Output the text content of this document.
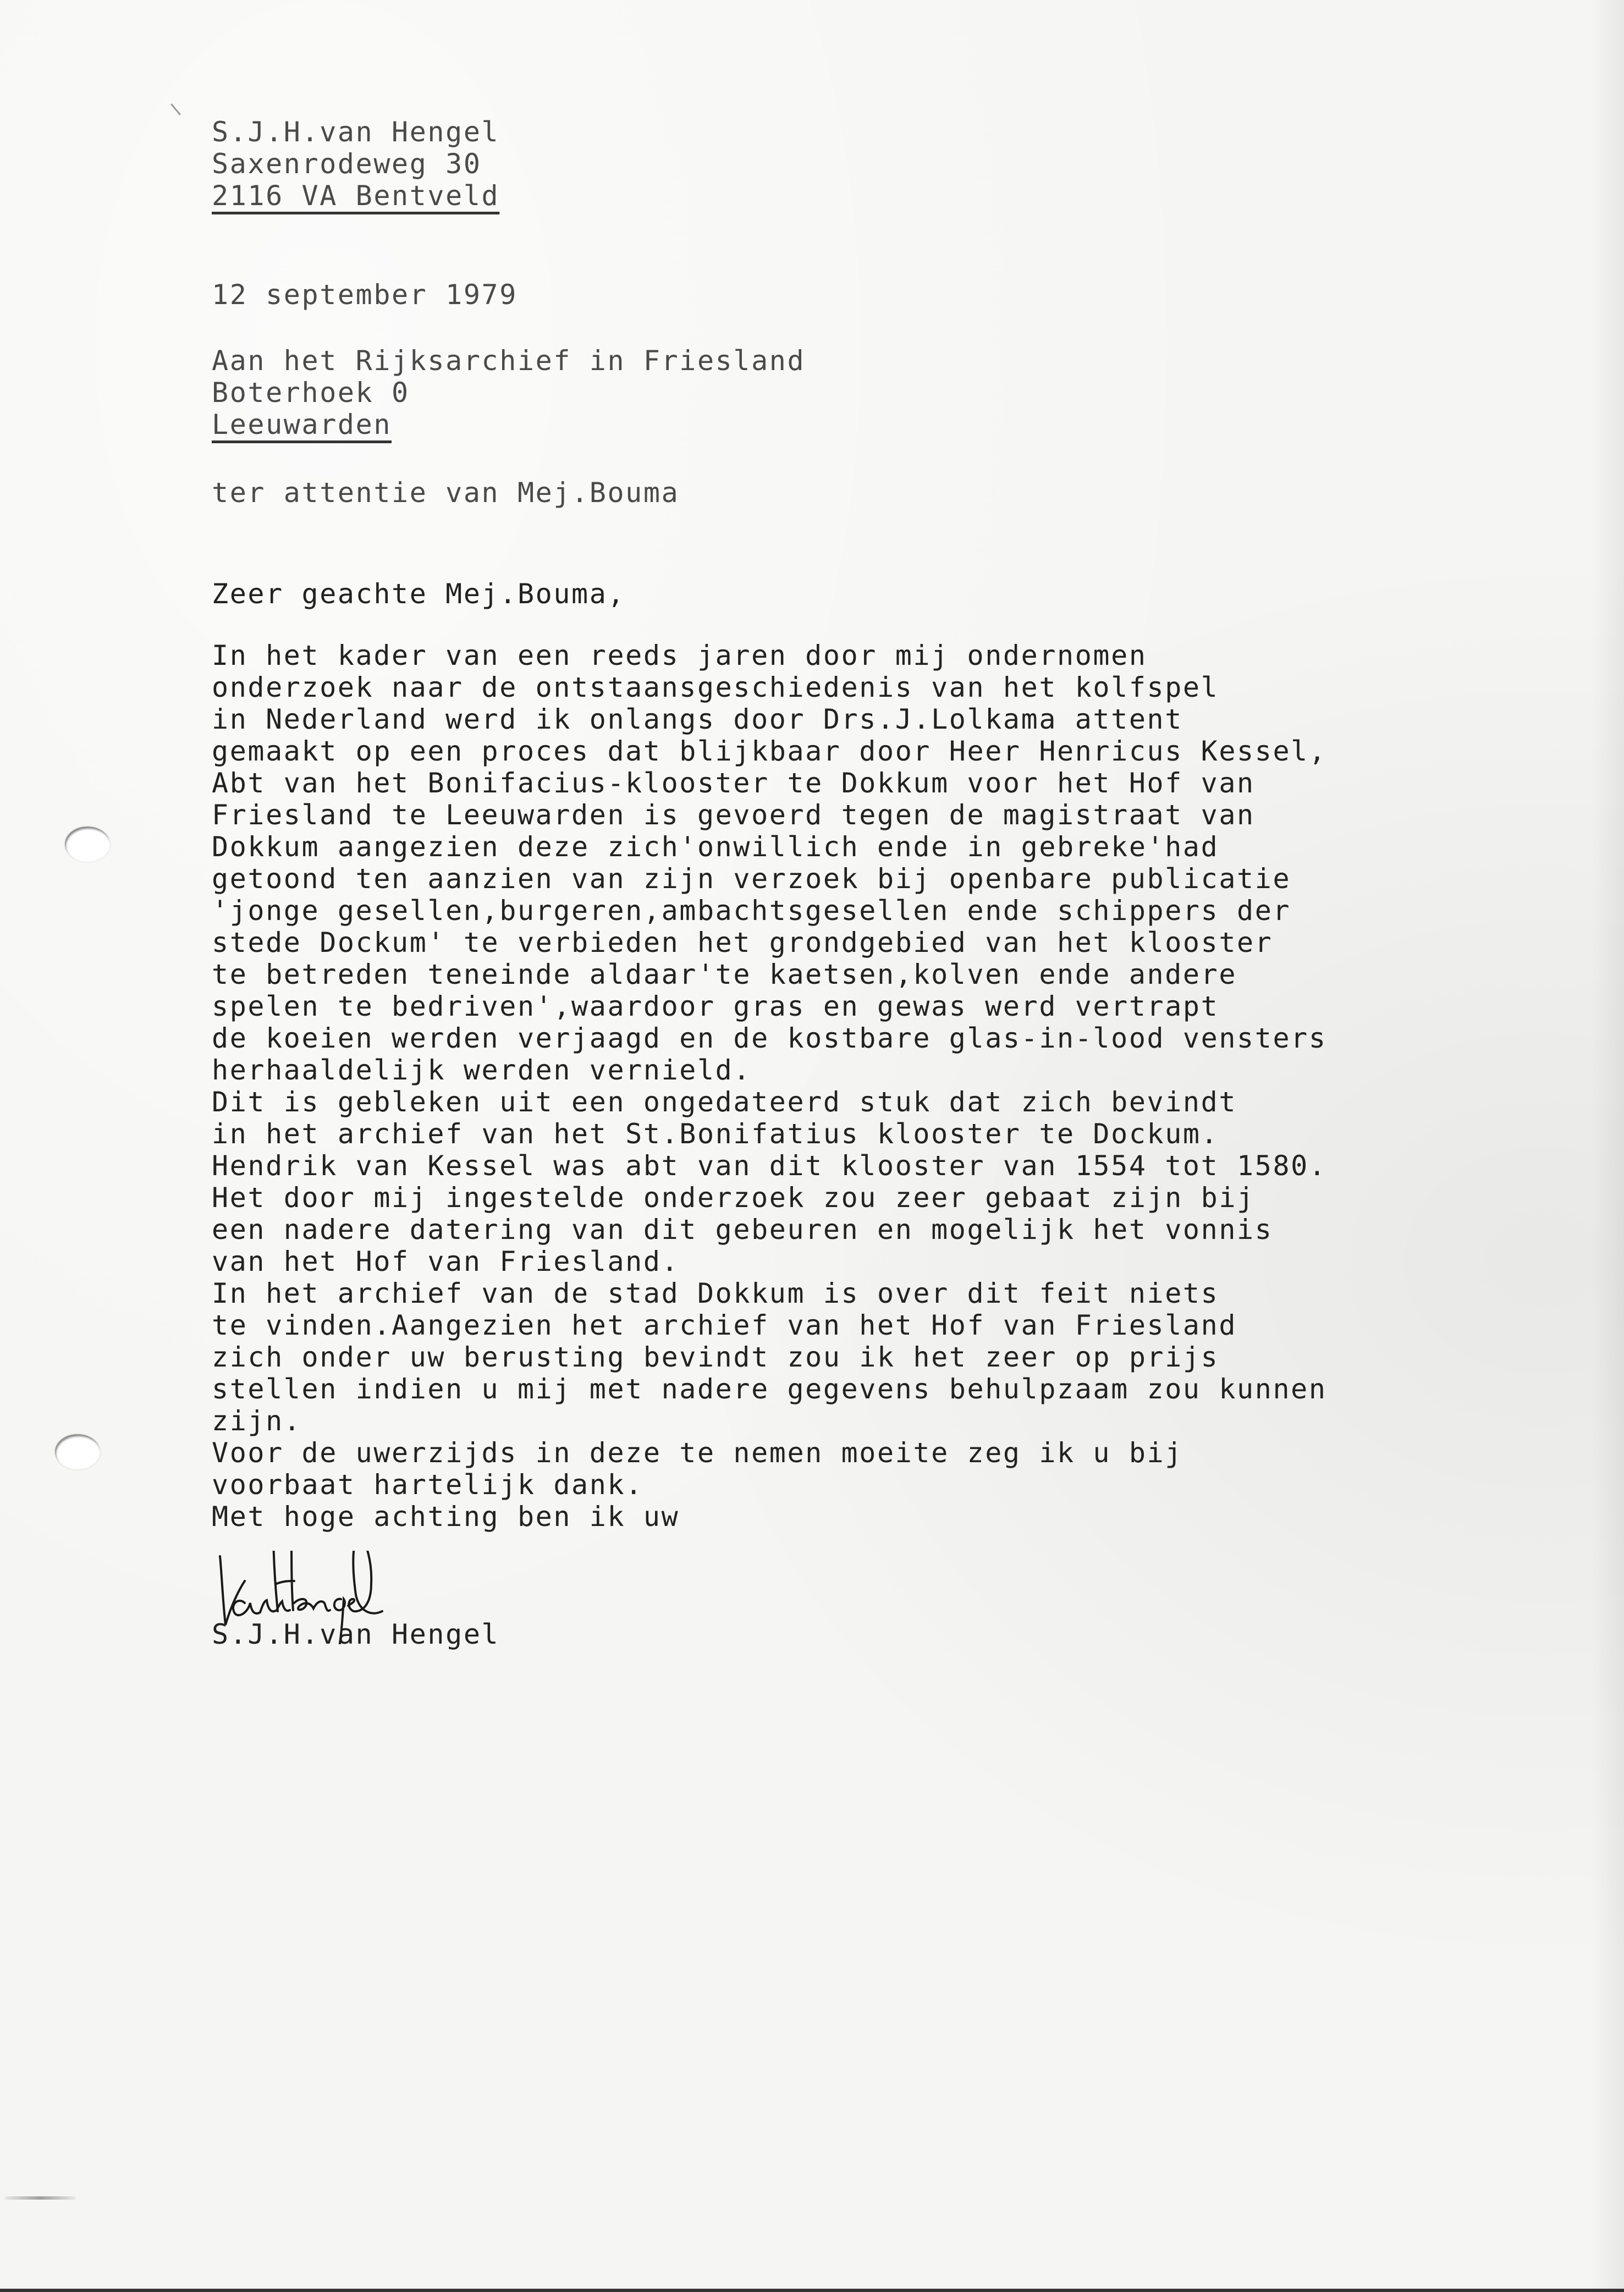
S.J.H.van Hengel
Saxenrodeweg 30
2116 VA Bentveld
12 september 1979
Aan het Rijksarchief in Friesland
Boterhoek 0
Leeuwarden
ter attentie van Mej.Bouma
Zeer geachte Mej.Bouma,
In het kader van een reeds jaren door mij ondernomen
onderzoek naar de ontstaansgeschiedenis van het kolfspel
in Nederland werd ik onlangs door Drs.J.Lolkama attent
gemaakt op een proces dat blijkbaar door Heer Henricus Kessel,
Abt van het Bonifacius-klooster te Dokkum voor het Hof van
Friesland te Leeuwarden is gevoerd tegen de magistraat van
Dokkum aangezien deze zich'onwillich ende in gebreke'had
getoond ten aanzien van zijn verzoek bij openbare publicatie
'jonge gesellen,burgeren,ambachtsgesellen ende schippers der
stede Dockum' te verbieden het grondgebied van het klooster
te betreden teneinde aldaar'te kaetsen,kolven ende andere
spelen te bedriven',waardoor gras en gewas werd vertrapt
de koeien werden verjaagd en de kostbare glas-in-lood vensters
herhaaldelijk werden vernield.
Dit is gebleken uit een ongedateerd stuk dat zich bevindt
in het archief van het St.Bonifatius klooster te Dockum.
Hendrik van Kessel was abt van dit klooster van 1554 tot 1580.
Het door mij ingestelde onderzoek zou zeer gebaat zijn bij
een nadere datering van dit gebeuren en mogelijk het vonnis
van het Hof van Friesland.
In het archief van de stad Dokkum is over dit feit niets
te vinden.Aangezien het archief van het Hof van Friesland
zich onder uw berusting bevindt zou ik het zeer op prijs
stellen indien u mij met nadere gegevens behulpzaam zou kunnen
zijn.
Voor de uwerzijds in deze te nemen moeite zeg ik u bij
voorbaat hartelijk dank.
Met hoge achting ben ik uw
S.J.H.van Hengel
